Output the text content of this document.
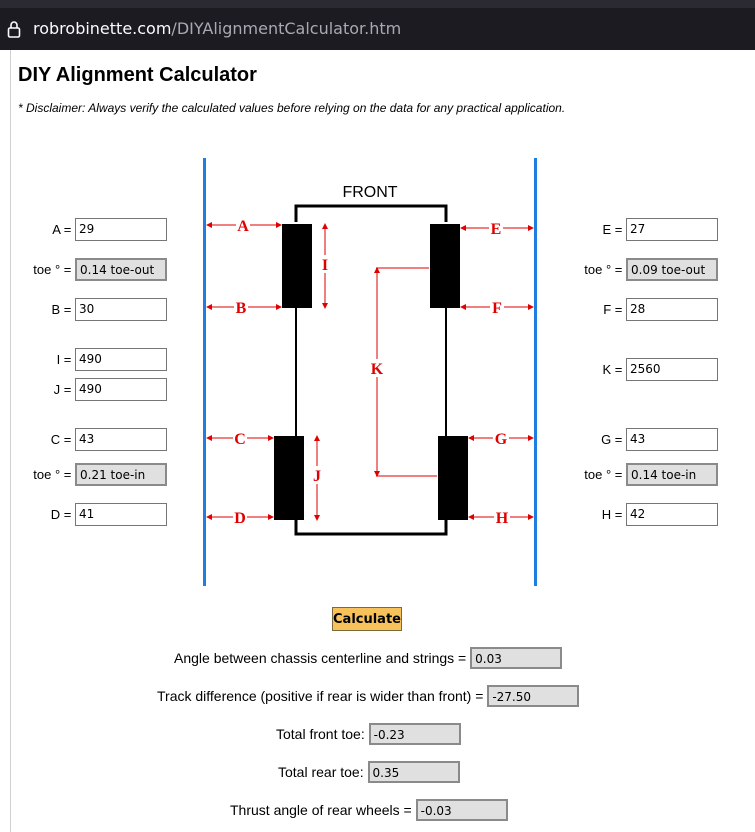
robrobinette.com/DIYAlignmentCalculator.htm
DIY Alignment Calculator
* Disclaimer: Always verify the calculated values before relying on the data for any practical application.
FRONT
A
B
C
D
E
F
G
H
I
J
K
A = 29
toe ° = 0.14 toe-out
B = 30
I = 490
J = 490
C = 43
toe ° = 0.21 toe-in
D = 41
E = 27
toe ° = 0.09 toe-out
F = 28
K = 2560
G = 43
toe ° = 0.14 toe-in
H = 42
Calculate
Angle between chassis centerline and strings = 0.03
Track difference (positive if rear is wider than front) = -27.50
Total front toe: -0.23
Total rear toe: 0.35
Thrust angle of rear wheels = -0.03
